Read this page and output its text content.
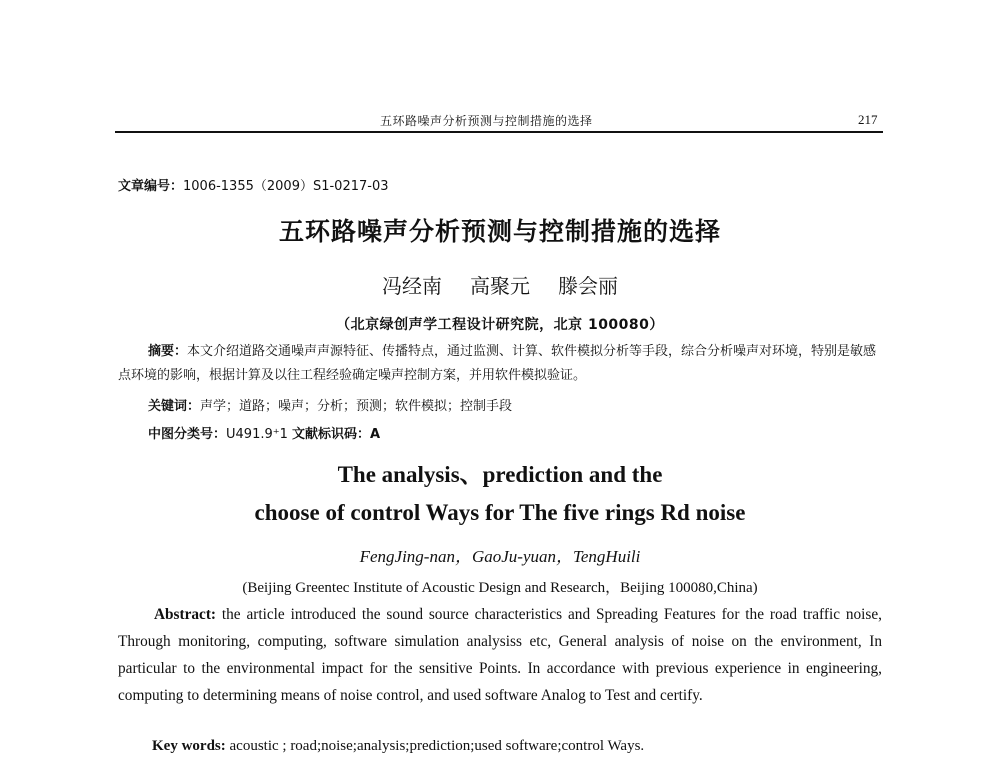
五环路噪声分析预测与控制措施的选择	217
文章编号：1006-1355（2009）S1-0217-03
五环路噪声分析预测与控制措施的选择
冯经南 高聚元 滕会丽
（北京绿创声学工程设计研究院，北京 100080）
摘要：本文介绍道路交通噪声声源特征、传播特点，通过监测、计算、软件模拟分析等手段，综合分析噪声对环境，特别是敏感点环境的影响，根据计算及以往工程经验确定噪声控制方案，并用软件模拟验证。
关键词：声学；道路；噪声；分析；预测；软件模拟；控制手段
中图分类号：U491.9⁺1 文献标识码：A
The analysis、prediction and the
choose of control Ways for The five rings Rd noise
FengJing-nan，GaoJu-yuan，TengHuili
(Beijing Greentec Institute of Acoustic Design and Research，Beijing 100080,China)
Abstract: the article introduced the sound source characteristics and Spreading Features for the road traffic noise, Through monitoring, computing, software simulation analysiss etc, General analysis of noise on the environment, In particular to the environmental impact for the sensitive Points. In accordance with previous experience in engineering, computing to determining means of noise control, and used software Analog to Test and certify.
Key words: acoustic ; road;noise;analysis;prediction;used software;control Ways.
